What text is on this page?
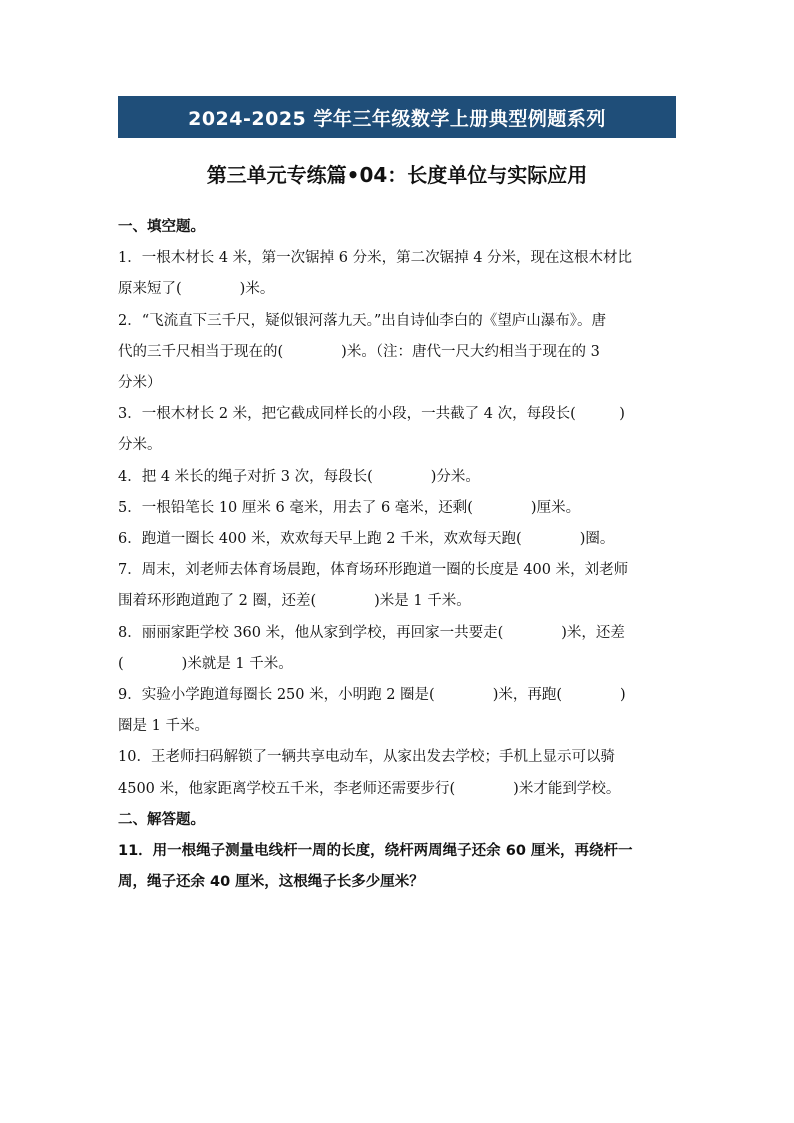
2024-2025 学年三年级数学上册典型例题系列
第三单元专练篇•04：长度单位与实际应用
一、填空题。
1．一根木材长 4 米，第一次锯掉 6 分米，第二次锯掉 4 分米，现在这根木材比
原来短了(　　　　)米。
2．“飞流直下三千尺，疑似银河落九天。”出自诗仙李白的《望庐山瀑布》。唐
代的三千尺相当于现在的(　　　　)米。（注：唐代一尺大约相当于现在的 3
分米）
3．一根木材长 2 米，把它截成同样长的小段，一共截了 4 次，每段长(　　　)
分米。
4．把 4 米长的绳子对折 3 次，每段长(　　　　)分米。
5．一根铅笔长 10 厘米 6 毫米，用去了 6 毫米，还剩(　　　　)厘米。
6．跑道一圈长 400 米，欢欢每天早上跑 2 千米，欢欢每天跑(　　　　)圈。
7．周末，刘老师去体育场晨跑，体育场环形跑道一圈的长度是 400 米，刘老师
围着环形跑道跑了 2 圈，还差(　　　　)米是 1 千米。
8．丽丽家距学校 360 米，他从家到学校，再回家一共要走(　　　　)米，还差
(　　　　)米就是 1 千米。
9．实验小学跑道每圈长 250 米，小明跑 2 圈是(　　　　)米，再跑(　　　　)
圈是 1 千米。
10．王老师扫码解锁了一辆共享电动车，从家出发去学校；手机上显示可以骑
4500 米，他家距离学校五千米，李老师还需要步行(　　　　)米才能到学校。
二、解答题。
11．用一根绳子测量电线杆一周的长度，绕杆两周绳子还余 60 厘米，再绕杆一
周，绳子还余 40 厘米，这根绳子长多少厘米？
